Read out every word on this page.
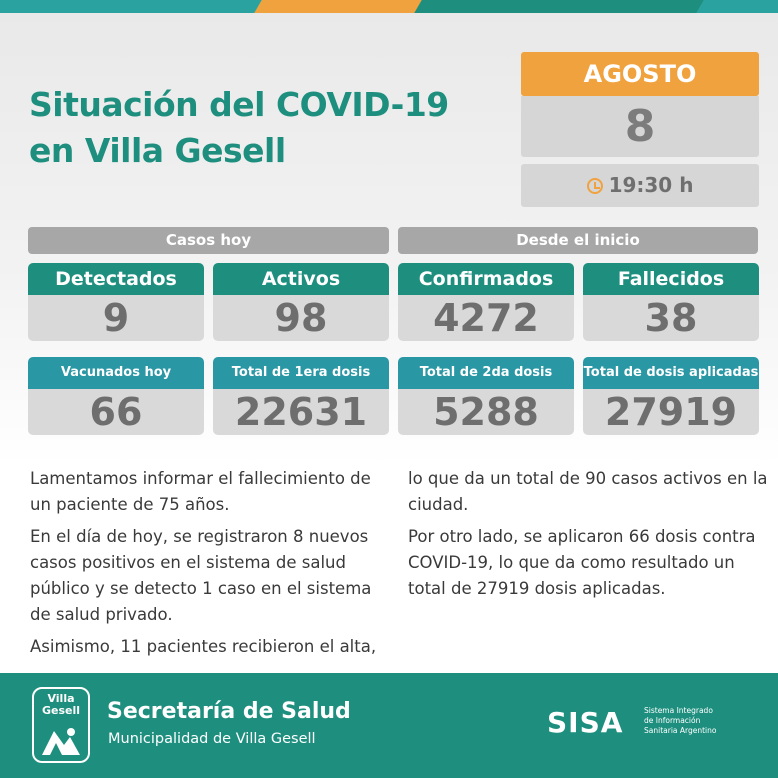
Situación del COVID-19
en Villa Gesell
AGOSTO
8
19:30 h
Casos hoy	Desde el inicio
Detectados
9
Activos
98
Confirmados
4272
Fallecidos
38
Vacunados hoy
66
Total de 1era dosis
22631
Total de 2da dosis
5288
Total de dosis aplicadas
27919

Lamentamos informar el fallecimiento de un paciente de 75 años.

En el día de hoy, se registraron 8 nuevos casos positivos en el sistema de salud público y se detecto 1 caso en el sistema de salud privado.

Asimismo, 11 pacientes recibieron el alta,

lo que da un total de 90 casos activos en la ciudad.

Por otro lado, se aplicaron 66 dosis contra COVID-19, lo que da como resultado un total de 27919 dosis aplicadas.

Villa
Gesell	Secretaría de Salud
Municipalidad de Villa Gesell	SISA	Sistema Integrado
de Información
Sanitaria Argentino
